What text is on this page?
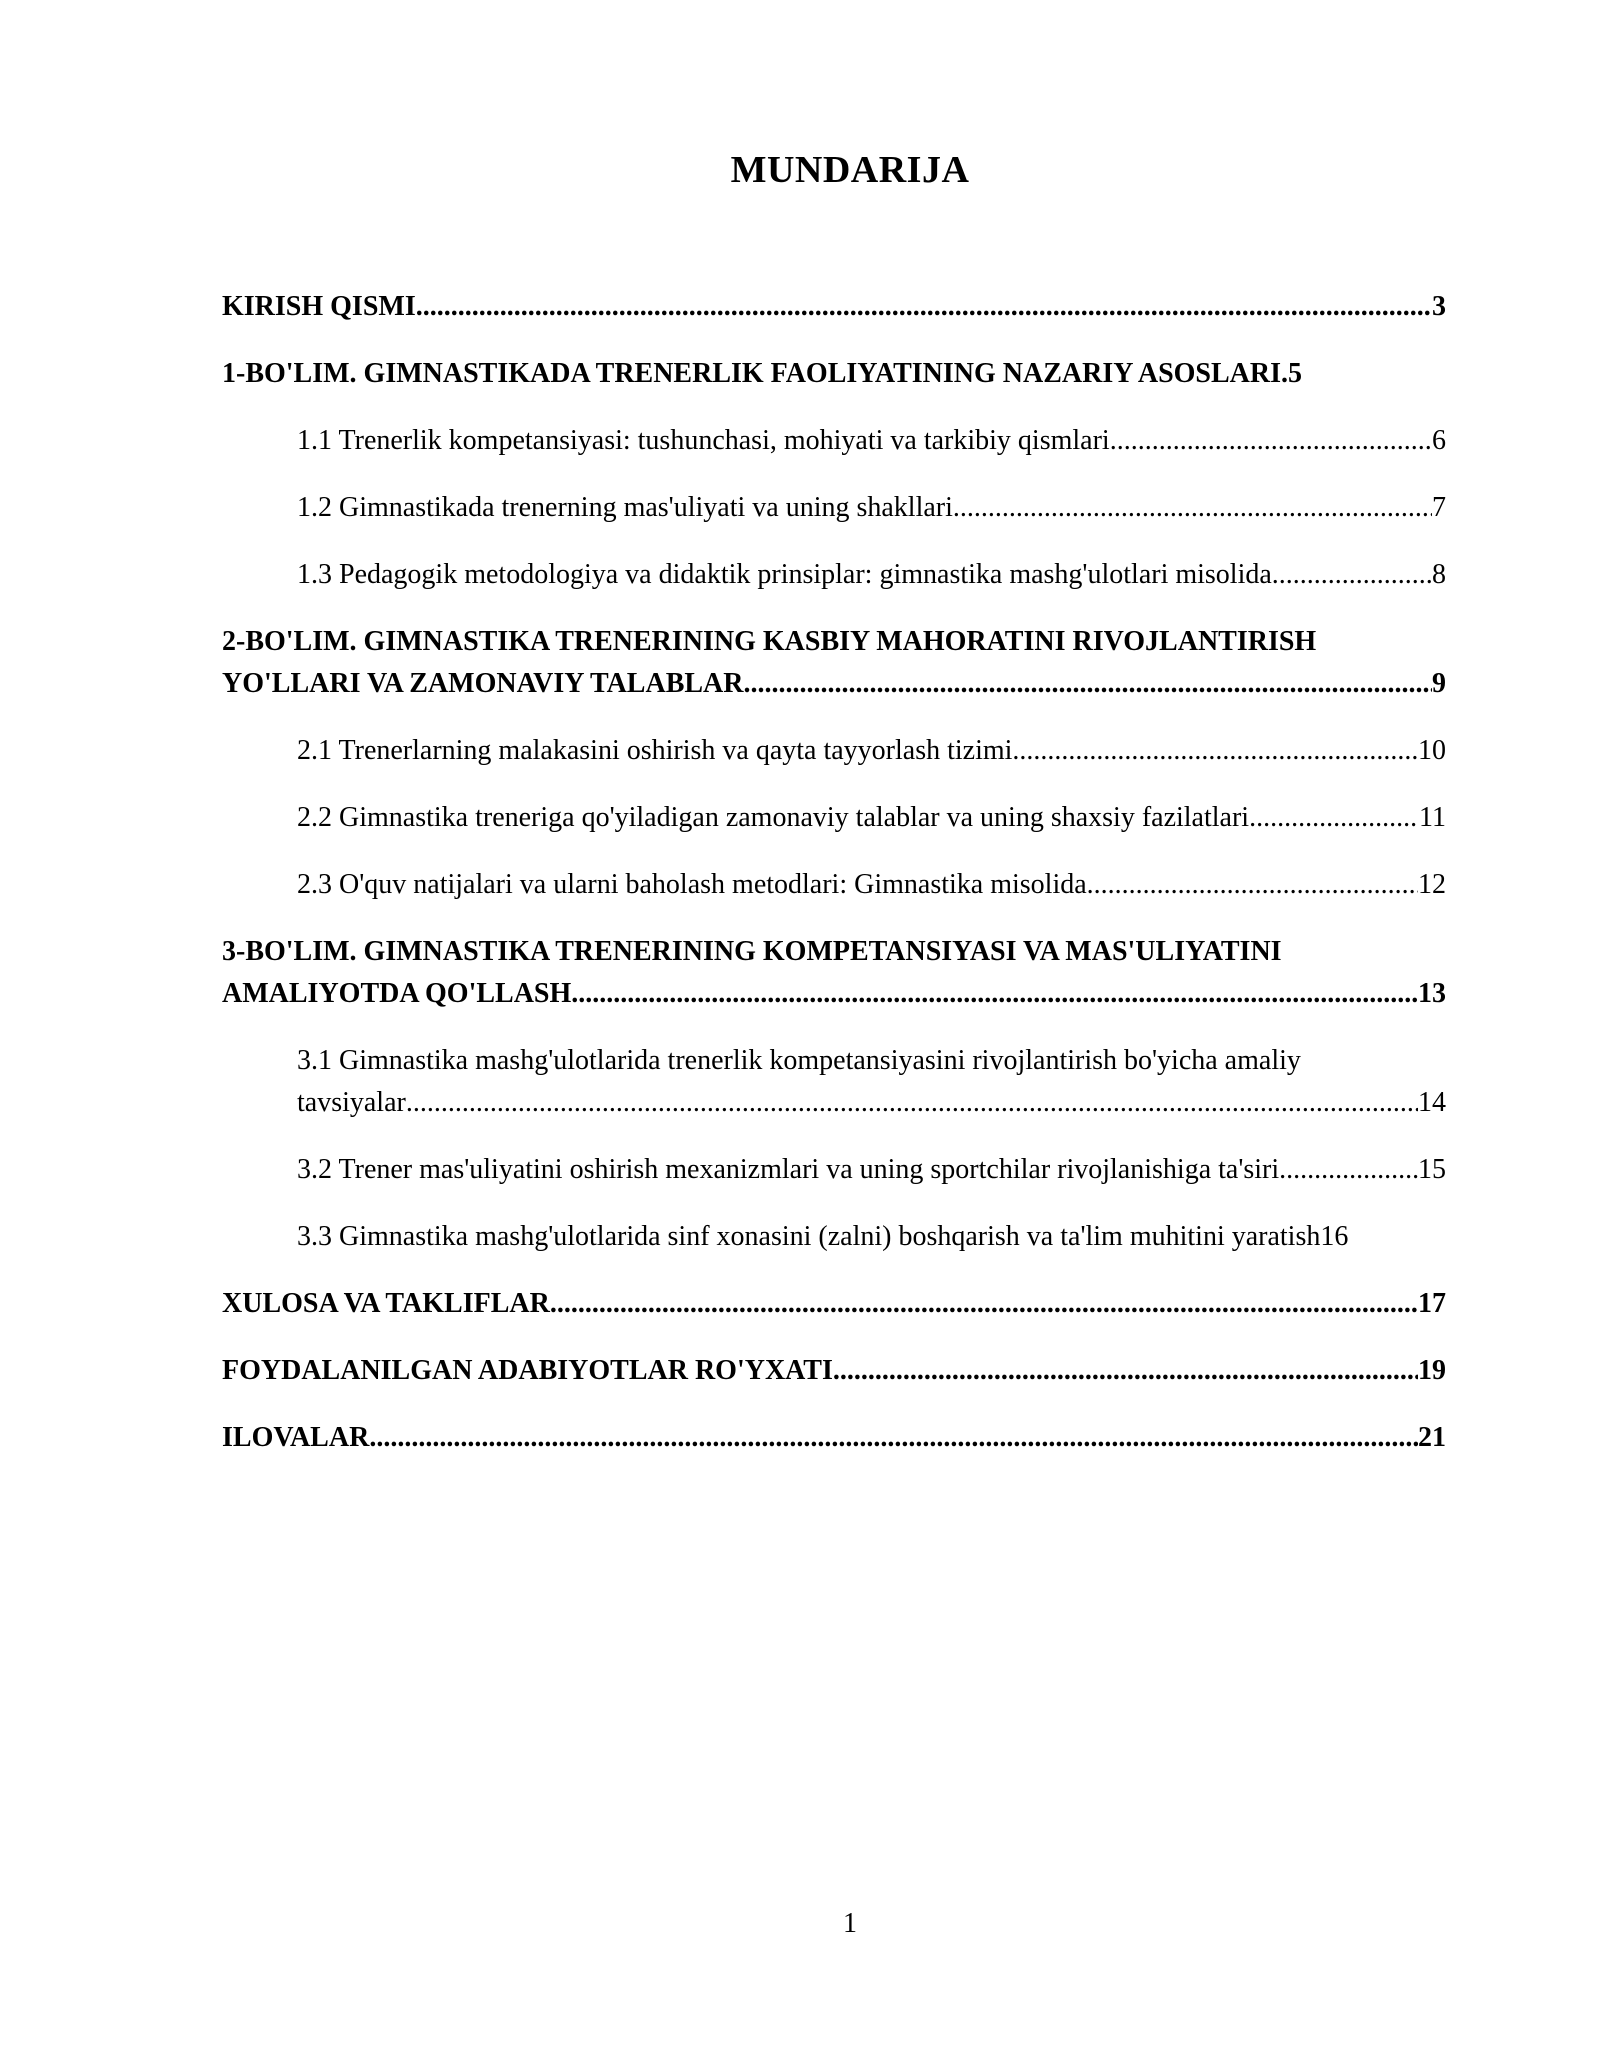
MUNDARIJA
KIRISH QISMI .....	3
1-BO'LIM. GIMNASTIKADA TRENERLIK FAOLIYATINING NAZARIY ASOSLARI. 5
1.1 Trenerlik kompetansiyasi: tushunchasi, mohiyati va tarkibiy qismlari .....	6
1.2 Gimnastikada trenerning mas'uliyati va uning shakllari .....	7
1.3 Pedagogik metodologiya va didaktik prinsiplar: gimnastika mashg'ulotlari misolida .....	8
2-BO'LIM. GIMNASTIKA TRENERINING KASBIY MAHORATINI RIVOJLANTIRISH
YO'LLARI VA ZAMONAVIY TALABLAR .....	9
2.1 Trenerlarning malakasini oshirish va qayta tayyorlash tizimi .....	10
2.2 Gimnastika treneriga qo'yiladigan zamonaviy talablar va uning shaxsiy fazilatlari .....	11
2.3 O'quv natijalari va ularni baholash metodlari: Gimnastika misolida .....	12
3-BO'LIM. GIMNASTIKA TRENERINING KOMPETANSIYASI VA MAS'ULIYATINI
AMALIYOTDA QO'LLASH .....	13
3.1 Gimnastika mashg'ulotlarida trenerlik kompetansiyasini rivojlantirish bo'yicha amaliy
tavsiyalar .....	14
3.2 Trener mas'uliyatini oshirish mexanizmlari va uning sportchilar rivojlanishiga ta'siri .....	15
3.3 Gimnastika mashg'ulotlarida sinf xonasini (zalni) boshqarish va ta'lim muhitini yaratish 16
XULOSA VA TAKLIFLAR .....	17
FOYDALANILGAN ADABIYOTLAR RO'YXATI .....	19
ILOVALAR .....	21
1
